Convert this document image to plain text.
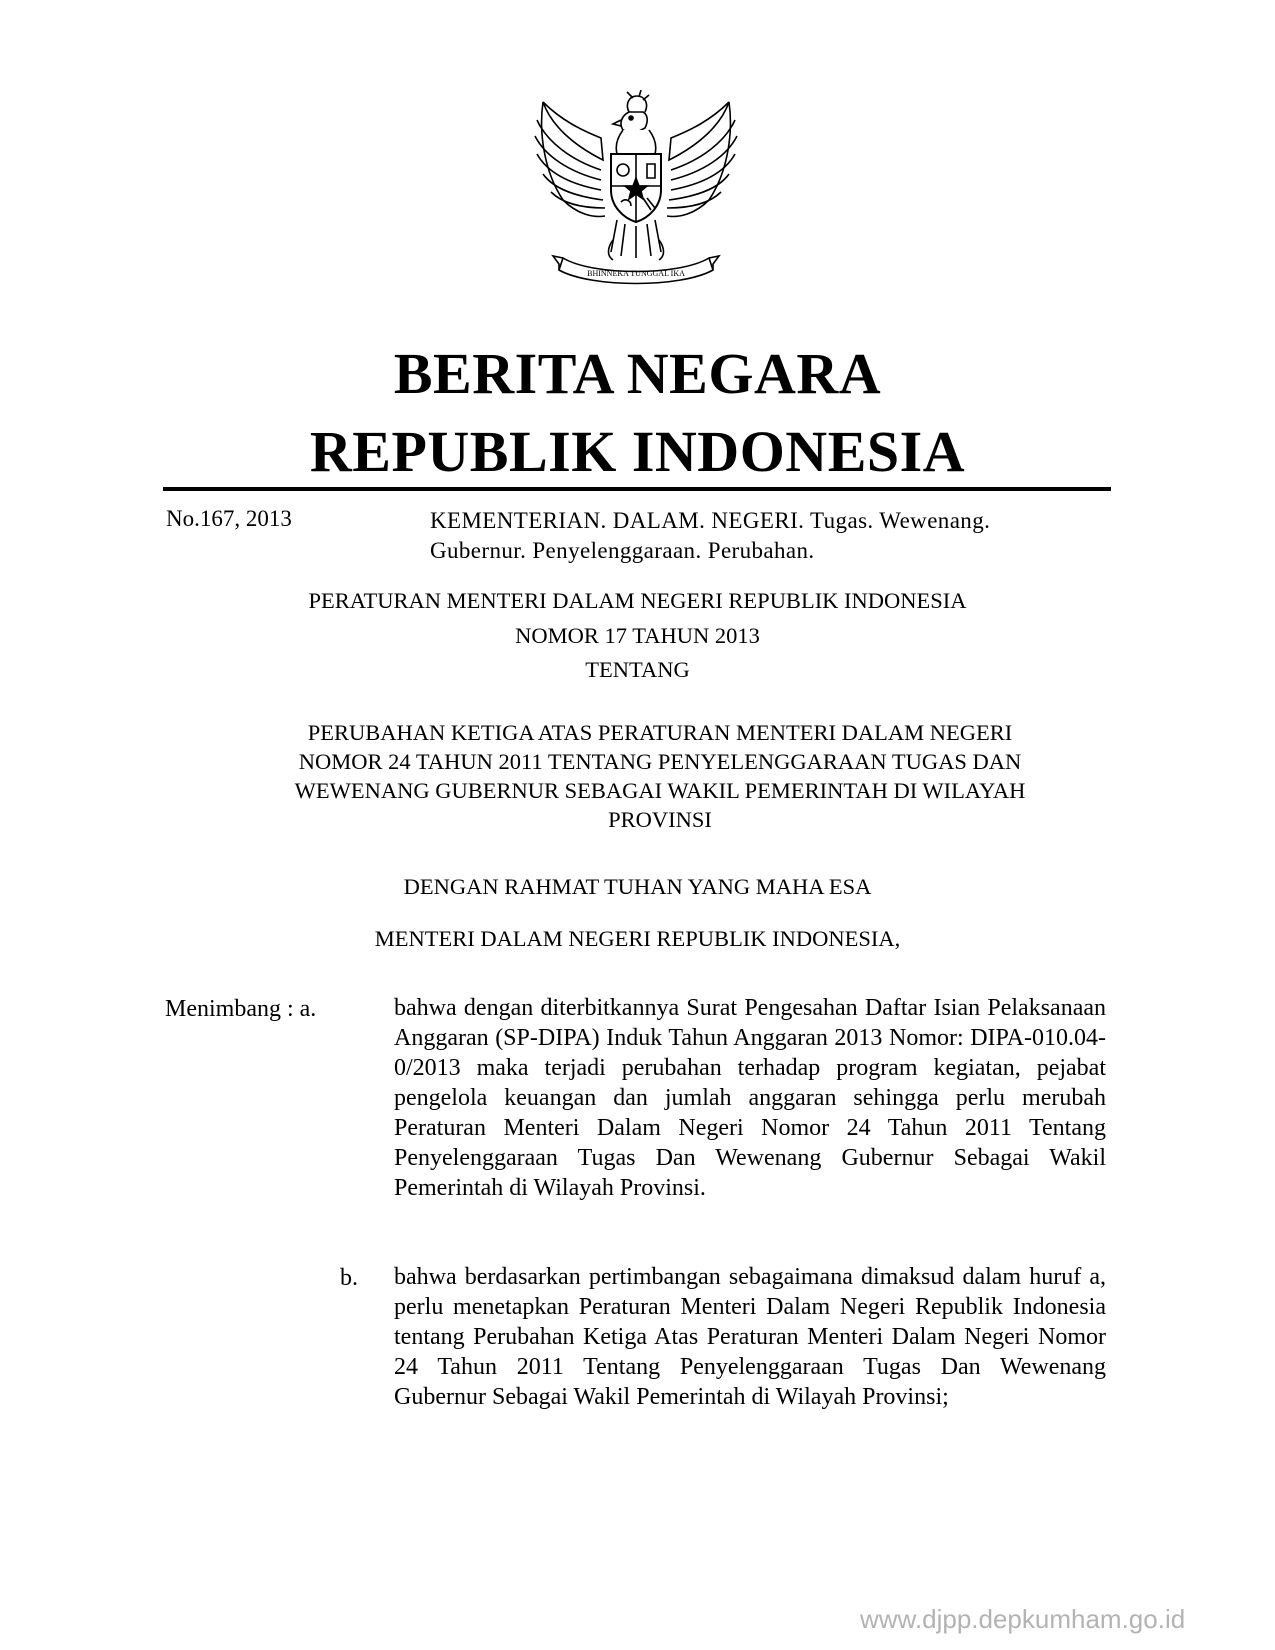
BHINNEKA TUNGGAL IKA
BERITA NEGARA
REPUBLIK INDONESIA
No.167, 2013	KEMENTERIAN. DALAM. NEGERI. Tugas. Wewenang.
Gubernur. Penyelenggaraan. Perubahan.
PERATURAN MENTERI DALAM NEGERI REPUBLIK INDONESIA
NOMOR 17 TAHUN 2013
TENTANG
PERUBAHAN KETIGA ATAS PERATURAN MENTERI DALAM NEGERI
NOMOR 24 TAHUN 2011 TENTANG PENYELENGGARAAN TUGAS DAN
WEWENANG GUBERNUR SEBAGAI WAKIL PEMERINTAH DI WILAYAH
PROVINSI
DENGAN RAHMAT TUHAN YANG MAHA ESA
MENTERI DALAM NEGERI REPUBLIK INDONESIA,
Menimbang : a.	bahwa dengan diterbitkannya Surat Pengesahan Daftar Isian Pelaksanaan Anggaran (SP-DIPA) Induk Tahun Anggaran 2013 Nomor: DIPA-010.04-0/2013 maka terjadi perubahan terhadap program kegiatan, pejabat pengelola keuangan dan jumlah anggaran sehingga perlu merubah Peraturan Menteri Dalam Negeri Nomor 24 Tahun 2011 Tentang Penyelenggaraan Tugas Dan Wewenang Gubernur Sebagai Wakil Pemerintah di Wilayah Provinsi.
b. bahwa berdasarkan pertimbangan sebagaimana dimaksud dalam huruf a, perlu menetapkan Peraturan Menteri Dalam Negeri Republik Indonesia tentang Perubahan Ketiga Atas Peraturan Menteri Dalam Negeri Nomor 24 Tahun 2011 Tentang Penyelenggaraan Tugas Dan Wewenang Gubernur Sebagai Wakil Pemerintah di Wilayah Provinsi;
www.djpp.depkumham.go.id
